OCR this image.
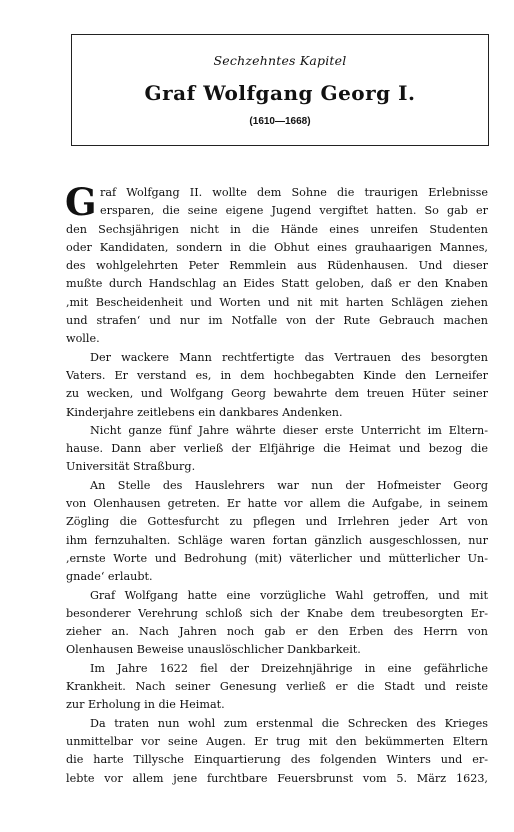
Sechzehntes Kapitel
Graf Wolfgang Georg I.
(1610—1668)
G raf Wolfgang II. wollte dem Sohne die traurigen Erlebnisse
ersparen, die seine eigene Jugend vergiftet hatten. So gab er
den Sechsjährigen nicht in die Hände eines unreifen Studenten
oder Kandidaten, sondern in die Obhut eines grauhaarigen Mannes,
des wohlgelehrten Peter Remmlein aus Rüdenhausen. Und dieser
mußte durch Handschlag an Eides Statt geloben, daß er den Knaben
,mit Bescheidenheit und Worten und nit mit harten Schlägen ziehen
und strafen‘ und nur im Notfalle von der Rute Gebrauch machen
wolle.
Der wackere Mann rechtfertigte das Vertrauen des besorgten
Vaters. Er verstand es, in dem hochbegabten Kinde den Lerneifer
zu wecken, und Wolfgang Georg bewahrte dem treuen Hüter seiner
Kinderjahre zeitlebens ein dankbares Andenken.
Nicht ganze fünf Jahre währte dieser erste Unterricht im Eltern-
hause. Dann aber verließ der Elfjährige die Heimat und bezog die
Universität Straßburg.
An Stelle des Hauslehrers war nun der Hofmeister Georg
von Olenhausen getreten. Er hatte vor allem die Aufgabe, in seinem
Zögling die Gottesfurcht zu pflegen und Irrlehren jeder Art von
ihm fernzuhalten. Schläge waren fortan gänzlich ausgeschlossen, nur
,ernste Worte und Bedrohung (mit) väterlicher und mütterlicher Un-
gnade‘ erlaubt.
Graf Wolfgang hatte eine vorzügliche Wahl getroffen, und mit
besonderer Verehrung schloß sich der Knabe dem treubesorgten Er-
zieher an. Nach Jahren noch gab er den Erben des Herrn von
Olenhausen Beweise unauslöschlicher Dankbarkeit.
Im Jahre 1622 fiel der Dreizehnjährige in eine gefährliche
Krankheit. Nach seiner Genesung verließ er die Stadt und reiste
zur Erholung in die Heimat.
Da traten nun wohl zum erstenmal die Schrecken des Krieges
unmittelbar vor seine Augen. Er trug mit den bekümmerten Eltern
die harte Tillysche Einquartierung des folgenden Winters und er-
lebte vor allem jene furchtbare Feuersbrunst vom 5. März 1623,
